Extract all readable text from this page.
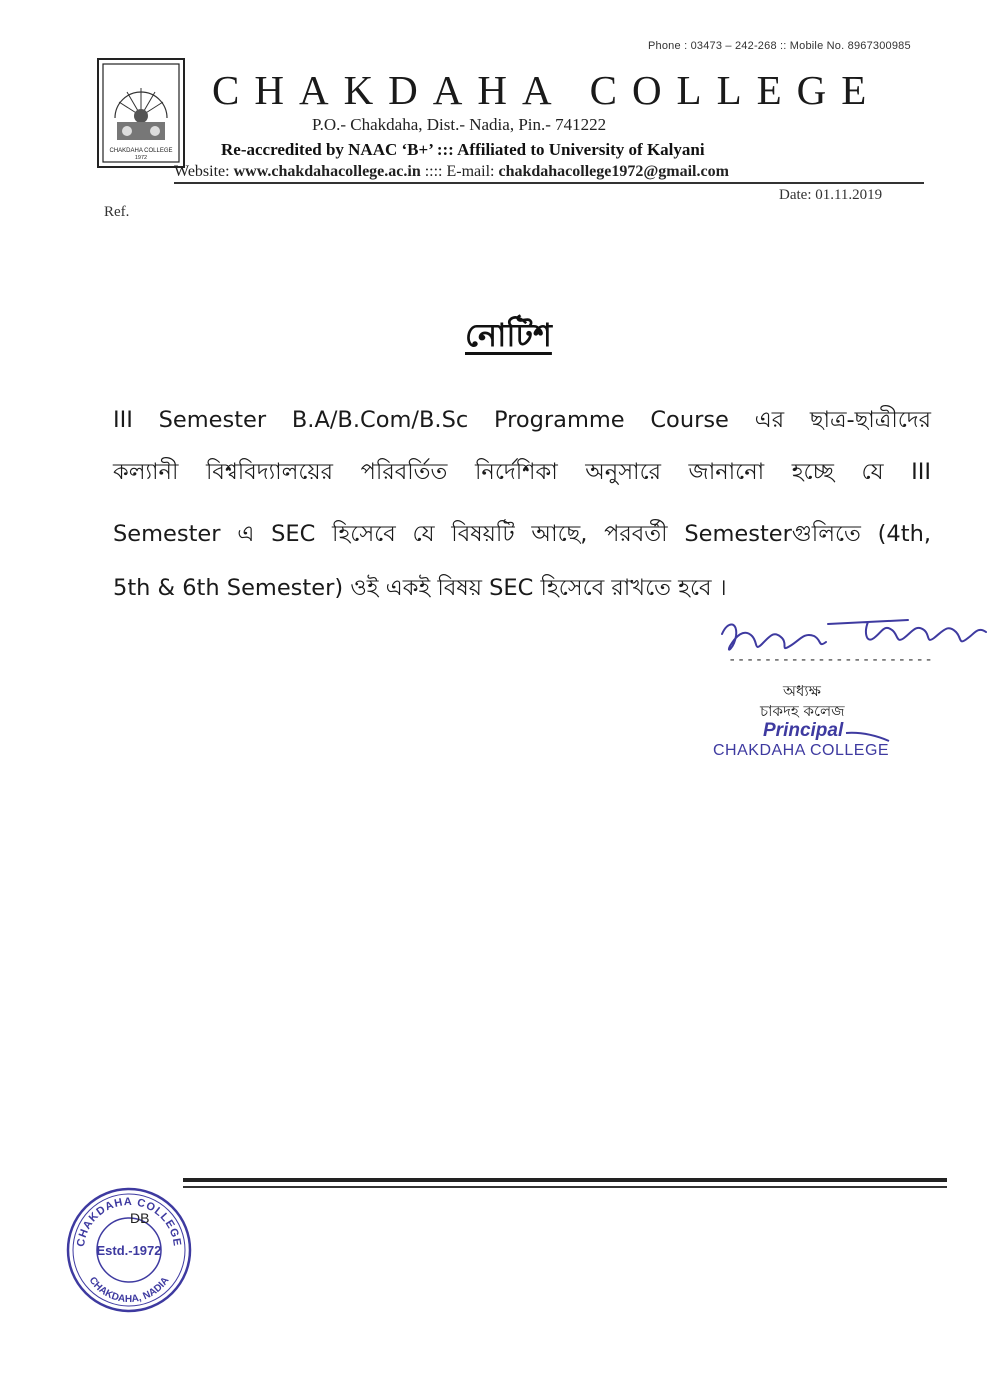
Phone : 03473 – 242-268 :: Mobile No. 8967300985
CHAKDAHA COLLEGE
1972
CHAKDAHA COLLEGE
P.O.- Chakdaha, Dist.- Nadia, Pin.- 741222
Re-accredited by NAAC ‘B+’ ::: Affiliated to University of Kalyani
Website: www.chakdahacollege.ac.in :::: E-mail: chakdahacollege1972@gmail.com
Date: 01.11.2019
Ref.
নোটিশ
III Semester B.A/B.Com/B.Sc Programme Course এর ছাত্র-ছাত্রীদের
কল্যানী বিশ্ববিদ্যালয়ের পরিবর্তিত নির্দেশিকা অনুসারে জানানো হচ্ছে যে III
Semester এ SEC হিসেবে যে বিষয়টি আছে, পরবর্তী Semesterগুলিতে (4th,
5th & 6th Semester) ওই একই বিষয় SEC হিসেবে রাখতে হবে ।
-----------------------
অধ্যক্ষ
চাকদহ কলেজ
Principal
CHAKDAHA COLLEGE
CHAKDAHA COLLEGE
CHAKDAHA, NADIA
Estd.-1972
DB
